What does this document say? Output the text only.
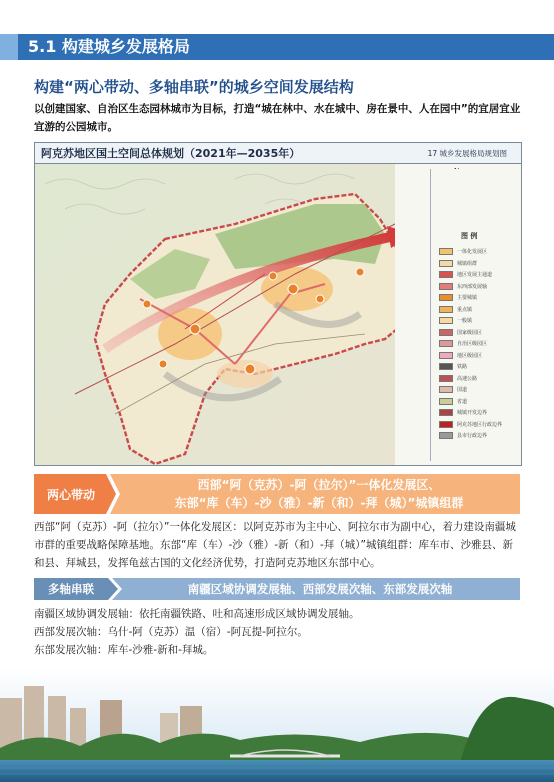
5.1 构建城乡发展格局
构建“两心带动、多轴串联”的城乡空间发展结构
以创建国家、自治区生态园林城市为目标，打造“城在林中、水在城中、房在景中、人在园中”的宜居宜业宜游的公园城市。
阿克苏地区国土空间总体规划（2021年—2035年）	17 城乡发展格局规划图
图 例
一体化发展区
城镇组群
地区发展主通道
东西部发展轴
主要城镇
重点镇
一般镇
国家级园区
自治区级园区
地区级园区
铁路
高速公路
国道
省道
城镇开发边界
阿克苏地区行政边界
县市行政边界
两心带动
西部“阿（克苏）-阿（拉尔）”一体化发展区、
东部“库（车）-沙（雅）-新（和）-拜（城）”城镇组群
西部“阿（克苏）-阿（拉尔）”一体化发展区：以阿克苏市为主中心、阿拉尔市为副中心，着力建设南疆城市群的重要战略保障基地。东部“库（车）-沙（雅）-新（和）-拜（城）”城镇组群：库车市、沙雅县、新和县、拜城县，发挥龟兹古国的文化经济优势，打造阿克苏地区东部中心。
多轴串联	南疆区域协调发展轴、西部发展次轴、东部发展次轴
南疆区域协调发展轴：依托南疆铁路、吐和高速形成区域协调发展轴。
西部发展次轴：乌什-阿（克苏）温（宿）-阿瓦提-阿拉尔。
东部发展次轴：库车-沙雅-新和-拜城。
